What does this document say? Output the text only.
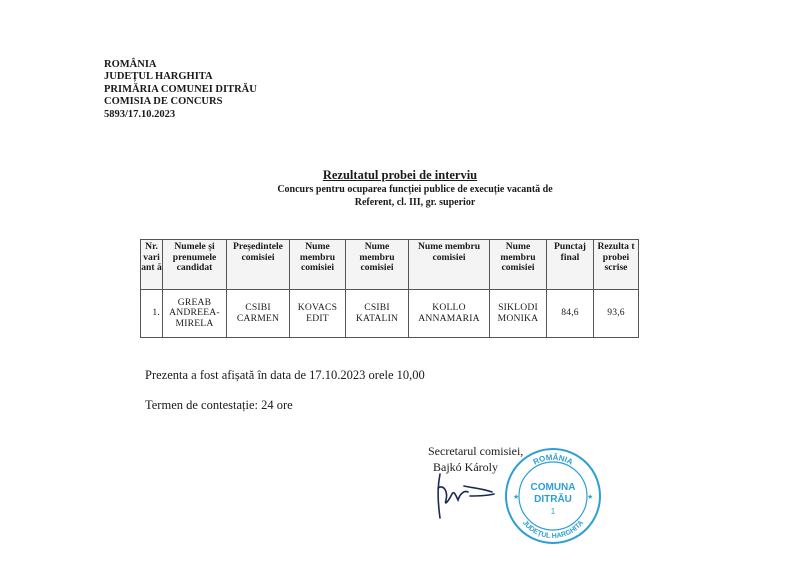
ROMÂNIA
JUDEȚUL HARGHITA
PRIMĂRIA COMUNEI DITRĂU
COMISIA DE CONCURS
5893/17.10.2023
Rezultatul probei de interviu
Concurs pentru ocuparea funcției publice de execuție vacantă de
Referent, cl. III, gr. superior
Nr. vari ant ă	Numele și prenumele candidat	Președintele comisiei	Nume membru comisiei	Nume membru comisiei	Nume membru comisiei	Nume membru comisiei	Punctaj final	Rezulta t probei scrise
1.	GREAB ANDREEA-MIRELA	CSIBI CARMEN	KOVACS EDIT	CSIBI KATALIN	KOLLO ANNAMARIA	SIKLODI MONIKA	84,6	93,6
Prezenta a fost afișată în data de 17.10.2023 orele 10,00
Termen de contestație: 24 ore
Secretarul comisiei,
Bajkó Károly	ROMÂNIA
JUDEȚUL HARGHITA
COMUNA
DITRĂU
1
★	★
